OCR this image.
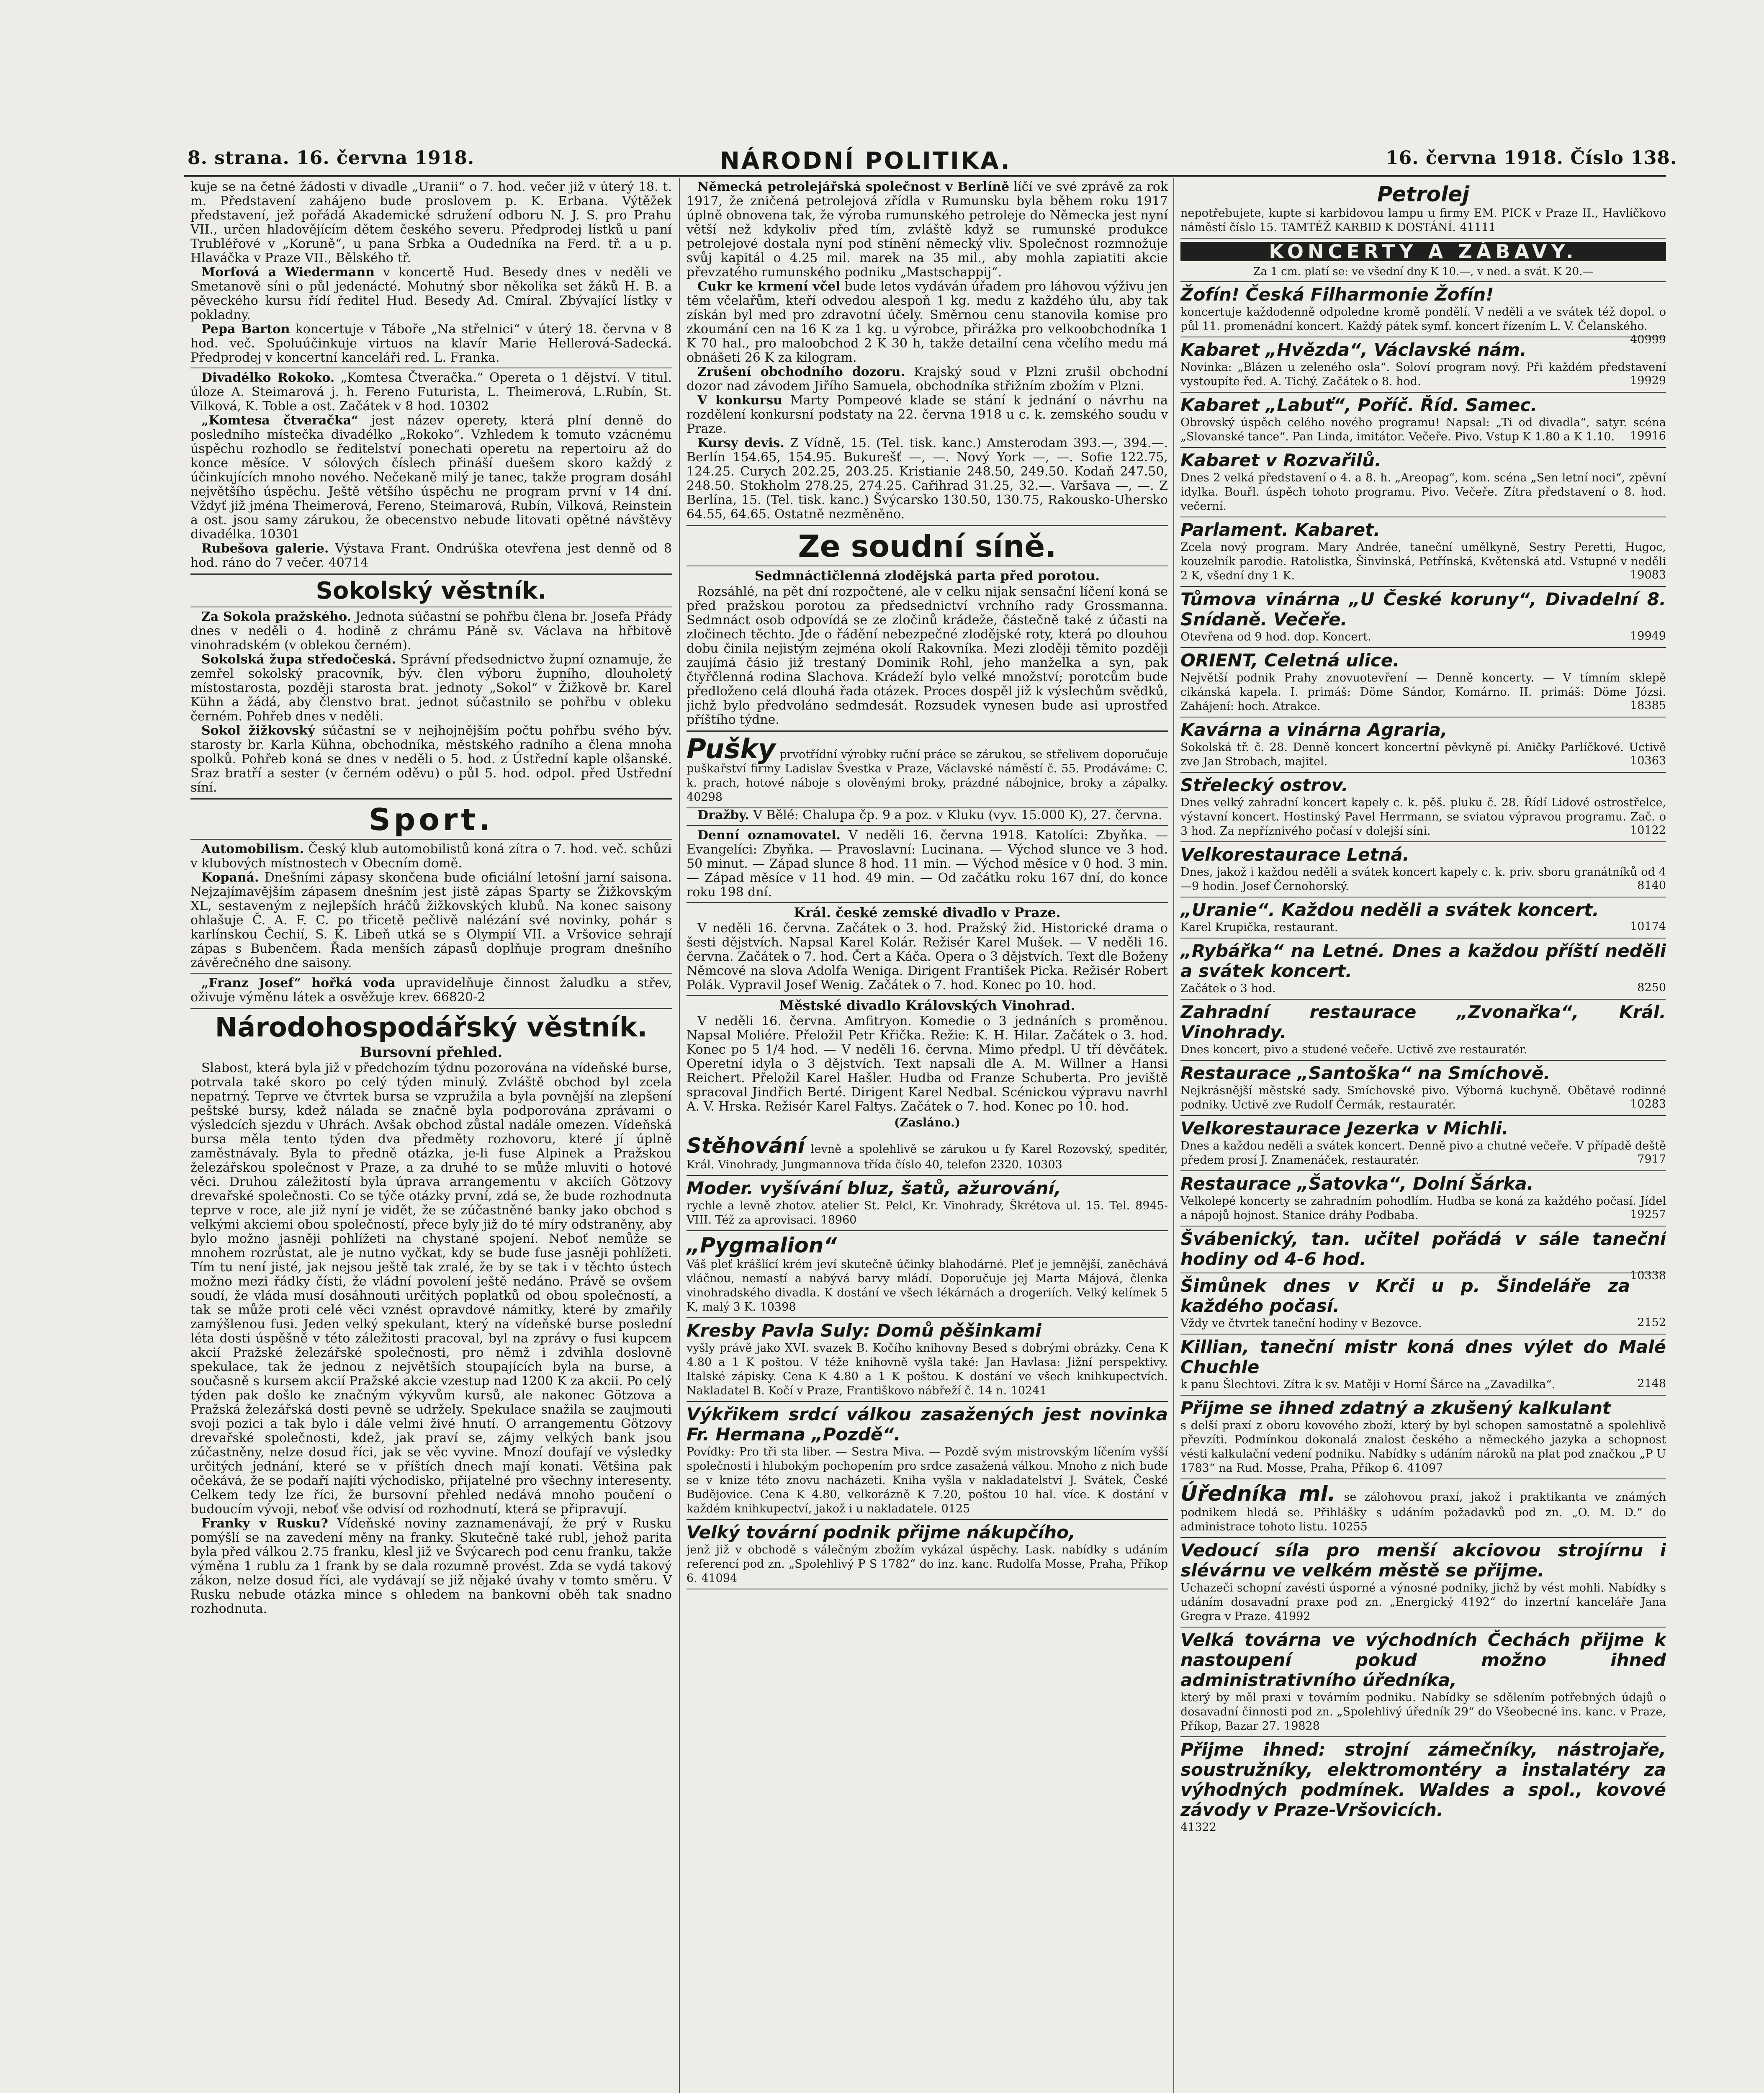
8. strana. 16. června 1918.	NÁRODNÍ POLITIKA.	16. června 1918. Číslo 138.

kuje se na četné žádosti v divadle „Uranii“ o 7. hod. večer již v úterý 18. t. m. Představení zahájeno bude proslovem p. K. Erbana. Výtěžek představení, jež pořádá Akademické sdružení odboru N. J. S. pro Prahu VII., určen hladovějícím dětem českého severu. Předprodej lístků u paní Trubléřové v „Koruně“, u pana Srbka a Oudedníka na Ferd. tř. a u p. Hlaváčka v Praze VII., Bělského tř.

Morfová a Wiedermann v koncertě Hud. Besedy dnes v neděli ve Smetanově síni o půl jedenácté. Mohutný sbor několika set žáků H. B. a pěveckého kursu řídí ředitel Hud. Besedy Ad. Cmíral. Zbývající lístky v pokladny.

Pepa Barton koncertuje v Táboře „Na střelnici“ v úterý 18. června v 8 hod. več. Spoluúčinkuje virtuos na klavír Marie Hellerová-Sadecká. Předprodej v koncertní kanceláři red. L. Franka.

Divadélko Rokoko. „Komtesa Čtveračka.“ Opereta o 1 dějství. V titul. úloze A. Steimarová j. h. Fereno Futurista, L. Theimerová, L.Rubín, St. Vilková, K. Toble a ost. Začátek v 8 hod. 10302

„Komtesa čtveračka“ jest název operety, která plní denně do posledního místečka divadélko „Rokoko“. Vzhledem k tomuto vzácnému úspěchu rozhodlo se ředitelství ponechati operetu na repertoiru až do konce měsíce. V sólových číslech přináší duešem skoro každý z účinkujících mnoho nového. Nečekaně milý je tanec, takže program dosáhl největšího úspěchu. Ještě většího úspěchu ne program první v 14 dní. Vždyť již jména Theimerová, Fereno, Steimarová, Rubín, Vilková, Reinstein a ost. jsou samy zárukou, že obecenstvo nebude litovati opětné návštěvy divadélka. 10301

Rubešova galerie. Výstava Frant. Ondrúška otevřena jest denně od 8 hod. ráno do 7 večer. 40714

Sokolský věstník.

Za Sokola pražského. Jednota súčastní se pohřbu člena br. Josefa Přády dnes v neděli o 4. hodině z chrámu Páně sv. Václava na hřbitově vinohradském (v oblekou černém).

Sokolská župa středočeská. Správní předsednictvo župní oznamuje, že zemřel sokolský pracovník, býv. člen výboru župního, dlouholetý místostarosta, později starosta brat. jednoty „Sokol“ v Žižkově br. Karel Kühn a žádá, aby členstvo brat. jednot súčastnilo se pohřbu v obleku černém. Pohřeb dnes v neděli.

Sokol žižkovský súčastní se v nejhojnějším počtu pohřbu svého býv. starosty br. Karla Kühna, obchodníka, městského radního a člena mnoha spolků. Pohřeb koná se dnes v neděli o 5. hod. z Ústřední kaple olšanské. Sraz bratří a sester (v černém oděvu) o půl 5. hod. odpol. před Ústřední síní.

Sport.

Automobilism. Český klub automobilistů koná zítra o 7. hod. več. schůzi v klubových místnostech v Obecním domě.

Kopaná. Dnešními zápasy skončena bude oficiální letošní jarní saisona. Nejzajímavějším zápasem dnešním jest jistě zápas Sparty se Žižkovským XL, sestaveným z nejlepších hráčů žižkovských klubů. Na konec saisony ohlašuje Č. A. F. C. po třicetě pečlivě nalézání své novinky, pohár s karlínskou Čechií, S. K. Libeň utká se s Olympií VII. a Vršovice sehrají zápas s Bubenčem. Řada menších zápasů doplňuje program dnešního závěrečného dne saisony.

„Franz Josef“ hořká voda upravidelňuje činnost žaludku a střev, oživuje výměnu látek a osvěžuje krev. 66820-2

Národohospodářský věstník.
Bursovní přehled.

Slabost, která byla již v předchozím týdnu pozorována na vídeňské burse, potrvala také skoro po celý týden minulý. Zvláště obchod byl zcela nepatrný. Teprve ve čtvrtek bursa se vzpružila a byla povnější na zlepšení peštské bursy, kdež nálada se značně byla podporována zprávami o výsledcích sjezdu v Uhrách. Avšak obchod zůstal nadále omezen. Vídeňská bursa měla tento týden dva předměty rozhovoru, které jí úplně zaměstnávaly. Byla to předně otázka, je-li fuse Alpinek a Pražskou železářskou společnost v Praze, a za druhé to se může mluviti o hotové věci. Druhou záležitostí byla úprava arrangementu v akciích Götzovy drevařské společnosti. Co se týče otázky první, zdá se, že bude rozhodnuta teprve v roce, ale již nyní je vidět, že se zúčastněné banky jako obchod s velkými akciemi obou společností, přece byly již do té míry odstraněny, aby bylo možno jasněji pohlížeti na chystané spojení. Neboť nemůže se mnohem rozrůstat, ale je nutno vyčkat, kdy se bude fuse jasněji pohlížeti. Tím tu není jisté, jak nejsou ještě tak zralé, že by se tak i v těchto ústech možno mezi řádky čísti, že vládní povolení ještě nedáno. Právě se ovšem soudí, že vláda musí dosáhnouti určitých poplatků od obou společností, a tak se může proti celé věci vznést opravdové námitky, které by zmařily zamýšlenou fusi. Jeden velký spekulant, který na vídeňské burse poslední léta dosti úspěšně v této záležitosti pracoval, byl na zprávy o fusi kupcem akcií Pražské železářské společnosti, pro němž i zdvihla doslovně spekulace, tak že jednou z největších stoupajících byla na burse, a současně s kursem akcií Pražské akcie vzestup nad 1200 K za akcii. Po celý týden pak došlo ke značným výkyvům kursů, ale nakonec Götzova a Pražská železářská dosti pevně se udržely. Spekulace snažila se zaujmouti svoji pozici a tak bylo i dále velmi živé hnutí. O arrangementu Götzovy drevařské společnosti, kdež, jak praví se, zájmy velkých bank jsou zúčastněny, nelze dosud říci, jak se věc vyvine. Mnozí doufají ve výsledky určitých jednání, které se v příštích dnech mají konati. Většina pak očekává, že se podaří najíti východisko, přijatelné pro všechny interesenty. Celkem tedy lze říci, že bursovní přehled nedává mnoho poučení o budoucím vývoji, neboť vše odvisí od rozhodnutí, která se připravují.

Franky v Rusku? Vídeňské noviny zaznamenávají, že prý v Rusku pomýšlí se na zavedení měny na franky. Skutečně také rubl, jehož parita byla před válkou 2.75 franku, klesl již ve Švýcarech pod cenu franku, takže výměna 1 rublu za 1 frank by se dala rozumně provést. Zda se vydá takový zákon, nelze dosud říci, ale vydávají se již nějaké úvahy v tomto směru. V Rusku nebude otázka mince s ohledem na bankovní oběh tak snadno rozhodnuta.

Německá petrolejářská společnost v Berlíně líčí ve své zprávě za rok 1917, že zničená petrolejová zřídla v Rumunsku byla během roku 1917 úplně obnovena tak, že výroba rumunského petroleje do Německa jest nyní větší než kdykoliv před tím, zvláště když se rumunské produkce petrolejové dostala nyní pod stínění německý vliv. Společnost rozmnožuje svůj kapitál o 4.25 mil. marek na 35 mil., aby mohla zapiatiti akcie převzatého rumunského podniku „Mastschappij“.

Cukr ke krmení včel bude letos vydáván úřadem pro láhovou výživu jen těm včelařům, kteří odvedou alespoň 1 kg. medu z každého úlu, aby tak získán byl med pro zdravotní účely. Směrnou cenu stanovila komise pro zkoumání cen na 16 K za 1 kg. u výrobce, přirážka pro velkoobchodníka 1 K 70 hal., pro maloobchod 2 K 30 h, takže detailní cena včelího medu má obnášeti 26 K za kilogram.

Zrušení obchodního dozoru. Krajský soud v Plzni zrušil obchodní dozor nad závodem Jiřího Samuela, obchodníka střižním zbožím v Plzni.

V konkursu Marty Pompeové klade se stání k jednání o návrhu na rozdělení konkursní podstaty na 22. června 1918 u c. k. zemského soudu v Praze.

Kursy devis. Z Vídně, 15. (Tel. tisk. kanc.) Amsterodam 393.—, 394.—. Berlín 154.65, 154.95. Bukurešť —, —. Nový York —, —. Sofie 122.75, 124.25. Curych 202.25, 203.25. Kristianie 248.50, 249.50. Kodaň 247.50, 248.50. Stokholm 278.25, 274.25. Cařihrad 31.25, 32.—. Varšava —, —. Z Berlína, 15. (Tel. tisk. kanc.) Švýcarsko 130.50, 130.75, Rakousko-Uhersko 64.55, 64.65. Ostatně nezměněno.

Ze soudní síně.
Sedmnáctičlenná zlodějská parta před porotou.

Rozsáhlé, na pět dní rozpočtené, ale v celku nijak sensační líčení koná se před pražskou porotou za předsednictví vrchního rady Grossmanna. Sedmnáct osob odpovídá se ze zločinů krádeže, částečně také z účasti na zločinech těchto. Jde o řádění nebezpečné zlodějské roty, která po dlouhou dobu činila nejistým zejména okolí Rakovníka. Mezi zloději těmito později zaujímá čásio již trestaný Dominik Rohl, jeho manželka a syn, pak čtyřčlenná rodina Slachova. Krádeží bylo velké množství; porotcům bude předloženo celá dlouhá řada otázek. Proces dospěl již k výslechům svědků, jichž bylo předvoláno sedmdesát. Rozsudek vynesen bude asi uprostřed příštího týdne.

Pušky prvotřídní výrobky ruční práce se zárukou, se střelivem doporučuje puškařství firmy Ladislav Švestka v Praze, Václavské náměstí č. 55. Prodáváme: C. k. prach, hotové náboje s olověnými broky, prázdné nábojnice, broky a zápalky. 40298

Dražby. V Bělé: Chalupa čp. 9 a poz. v Kluku (vyv. 15.000 K), 27. června.

Denní oznamovatel. V neděli 16. června 1918. Katolíci: Zbyňka. — Evangelíci: Zbyňka. — Pravoslavní: Lucinana. — Východ slunce ve 3 hod. 50 minut. — Západ slunce 8 hod. 11 min. — Východ měsíce v 0 hod. 3 min. — Západ měsíce v 11 hod. 49 min. — Od začátku roku 167 dní, do konce roku 198 dní.

Král. české zemské divadlo v Praze.

V neděli 16. června. Začátek o 3. hod. Pražský žid. Historické drama o šesti dějstvích. Napsal Karel Kolár. Režisér Karel Mušek. — V neděli 16. června. Začátek o 7. hod. Čert a Káča. Opera o 3 dějstvích. Text dle Boženy Němcové na slova Adolfa Wenigа. Dirigent František Picka. Režisér Robert Polák. Vypravil Josef Wenig. Začátek o 7. hod. Konec po 10. hod.

Městské divadlo Královských Vinohrad.

V neděli 16. června. Amfitryon. Komedie o 3 jednáních s proměnou. Napsal Moliére. Přeložil Petr Křička. Režie: K. H. Hilar. Začátek o 3. hod. Konec po 5 1/4 hod. — V neděli 16. června. Mimo předpl. U tří děvčátek. Operetní idyla o 3 dějstvích. Text napsali dle A. M. Willner a Hansi Reichert. Přeložil Karel Hašler. Hudba od Franze Schuberta. Pro jeviště spracoval Jindřich Berté. Dirigent Karel Nedbal. Scénickou výpravu navrhl A. V. Hrska. Režisér Karel Faltys. Začátek o 7. hod. Konec po 10. hod.

(Zasláno.)
Stěhování levně a spolehlivě se zárukou u fy Karel Rozovský, speditér, Král. Vinohrady, Jungmannova třída číslo 40, telefon 2320. 10303
Moder. vyšívání bluz, šatů, ažurování,
rychle a levně zhotov. atelier St. Pelcl, Kr. Vinohrady, Škrétova ul. 15. Tel. 8945-VIII. Též za aprovisaci. 18960
„Pygmalion“
Váš pleť krášlící krém jeví skutečně účinky blahodárné. Pleť je jemnější, zaněchává vláčnou, nemastí a nabývá barvy mládí. Doporučuje jej Marta Májová, členka vinohradského divadla. K dostání ve všech lékárnách a drogeriích. Velký kelímek 5 K, malý 3 K. 10398
Kresby Pavla Suly: Domů pěšinkami
vyšly právě jako XVI. svazek B. Kočího knihovny Besed s dobrými obrázky. Cena K 4.80 a 1 K poštou. V téže knihovně vyšla také: Jan Havlasa: Jižní perspektivy. Italské zápisky. Cena K 4.80 a 1 K poštou. K dostání ve všech knihkupectvích. Nakladatel B. Kočí v Praze, Františkovo nábřeží č. 14 n. 10241
Výkřikem srdcí válkou zasažených jest novinka Fr. Hermana „Pozdě“.
Povídky: Pro tři sta liber. — Sestra Miva. — Pozdě svým mistrovským líčením vyšší společnosti i hlubokým pochopením pro srdce zasažená válkou. Mnoho z nich bude se v knize této znovu nacházeti. Kniha vyšla v nakladatelství J. Svátek, České Budějovice. Cena K 4.80, velkorázně K 7.20, poštou 10 hal. více. K dostání v každém knihkupectví, jakož i u nakladatele. 0125
Velký tovární podnik přijme nákupčího,
jenž již v obchodě s válečným zbožím vykázal úspěchy. Lask. nabídky s udáním referencí pod zn. „Spolehlivý P S 1782“ do inz. kanc. Rudolfa Mosse, Praha, Příkop 6. 41094
Petrolej
nepotřebujete, kupte si karbidovou lampu u firmy EM. PICK v Praze II., Havlíčkovo náměstí číslo 15. TAMTÉŽ KARBID K DOSTÁNÍ. 41111
KONCERTY A ZÁBAVY.
Za 1 cm. platí se: ve všední dny K 10.—, v ned. a svát. K 20.—
Žofín! Česká Filharmonie Žofín!
koncertuje každodenně odpoledne kromě pondělí. V neděli a ve svátek též dopol. o půl 11. promenádní koncert. Každý pátek symf. koncert řízením L. V. Čelanského.
40999
Kabaret „Hvězda“, Václavské nám.
Novinka: „Blázen u zeleného osla“. Soloví program nový. Při každém představení vystoupíte řed. A. Tichý. Začátek o 8. hod.	19929
Kabaret „Labuť“, Poříč. Říd. Samec.
Obrovský úspěch celého nového programu! Napsal: „Ti od divadla“, satyr. scéna „Slovanské tance“. Pan Linda, imitátor. Večeře. Pivo. Vstup K 1.80 a K 1.10. 19916
Kabaret v Rozvařilů.
Dnes 2 velká představení o 4. a 8. h. „Areopag“, kom. scéna „Sen letní noci“, zpěvní idylka. Bouřl. úspěch tohoto programu. Pivo. Večeře. Zítra představení o 8. hod. večerní.
Parlament. Kabaret.
Zcela nový program. Mary Andrée, taneční umělkyně, Sestry Peretti, Hugoс, kouzelník parodie. Ratolistka, Šinvinská, Petřínská, Květenská atd. Vstupné v neděli 2 K, všední dny 1 K.	19083
Tůmova vinárna „U České koruny“, Divadelní 8. Snídaně. Večeře.
Otevřena od 9 hod. dop. Koncert.	19949
ORIENT, Celetná ulice.
Největší podnik Prahy znovuotevření — Denně koncerty. — V tímním sklepě cikánská kapela. I. primáš: Döme Sándor, Komárno. II. primáš: Döme Józsi. Zahájení: hoch. Atrakce.	18385
Kavárna a vinárna Agraria,
Sokolská tř. č. 28. Denně koncert koncertní pěvkyně pí. Aničky Parlíčkové. Uctivě zve Jan Strobach, majitel.	10363
Střelecký ostrov.
Dnes velký zahradní koncert kapely c. k. pěš. pluku č. 28. Řídí Lidové ostrostřelce, výstavní koncert. Hostinský Pavel Herrmann, se sviatou výpravou programu. Zač. o 3 hod. Za nepříznivého počasí v dolejší síni.	10122
Velkorestaurace Letná.
Dnes, jakož i každou neděli a svátek koncert kapely c. k. priv. sboru granátníků od 4—9 hodin. Josef Černohorský.	8140
„Uranie“. Každou neděli a svátek koncert.
Karel Krupička, restaurant.	10174
„Rybářka“ na Letné. Dnes a každou příští neděli a svátek koncert.
Začátek o 3 hod.	8250
Zahradní restaurace „Zvonařka“, Král. Vinohrady.
Dnes koncert, pivo a studené večeře. Uctivě zve restauratér.
Restaurace „Santoška“ na Smíchově.
Nejkrásnější městské sady. Smíchovské pivo. Výborná kuchyně. Obětavé rodinné podniky. Uctivě zve Rudolf Čermák, restauratér.	10283
Velkorestaurace Jezerka v Michli.
Dnes a každou neděli a svátek koncert. Denně pivo a chutné večeře. V případě deště předem prosí J. Znamenáček, restauratér.	7917
Restaurace „Šatovka“, Dolní Šárka.
Velkolepé koncerty se zahradním pohodlím. Hudba se koná za každého počasí. Jídel a nápojů hojnost. Stanice dráhy Podbaba.	19257
Švábenický, tan. učitel pořádá v sále taneční hodiny od 4-6 hod.
10338
Šimůnek dnes v Krči u p. Šindeláře za každého počasí.
Vždy ve čtvrtek taneční hodiny v Bezovce.	2152
Killian, taneční mistr koná dnes výlet do Malé Chuchle
k panu Šlechtovi. Zítra k sv. Matěji v Horní Šárce na „Zavadilka“.	2148
Přijme se ihned zdatný a zkušený kalkulant
s delší praxí z oboru kovového zboží, který by byl schopen samostatně a spolehlivě převzíti. Podmínkou dokonalá znalost českého a německého jazyka a schopnost vésti kalkulační vedení podniku. Nabídky s udáním nároků na plat pod značkou „P U 1783“ na Rud. Mosse, Praha, Příkop 6. 41097
Úředníka ml. se zálohovou praxí, jakož i praktikanta ve známých podnikem hledá se. Přihlášky s udáním požadavků pod zn. „O. M. D.“ do administrace tohoto listu. 10255
Vedoucí síla pro menší akciovou strojírnu i slévárnu ve velkém městě se přijme.
Uchazeči schopní zavésti úsporné a výnosné podniky, jichž by vést mohli. Nabídky s udáním dosavadní praxe pod zn. „Energický 4192“ do inzertní kanceláře Jana Gregra v Praze. 41992
Velká továrna ve východních Čechách přijme k nastoupení pokud možno ihned administrativního úředníka,
který by měl praxi v továrním podniku. Nabídky se sdělením potřebných údajů o dosavadní činnosti pod zn. „Spolehlivý úředník 29“ do Všeobecné ins. kanc. v Praze, Příkop, Bazar 27. 19828
Přijme ihned: strojní zámečníky, nástrojaře, soustružníky, elektromontéry a instalatéry za výhodných podmínek. Waldes a spol., kovové závody v Praze-Vršovicích.
41322
